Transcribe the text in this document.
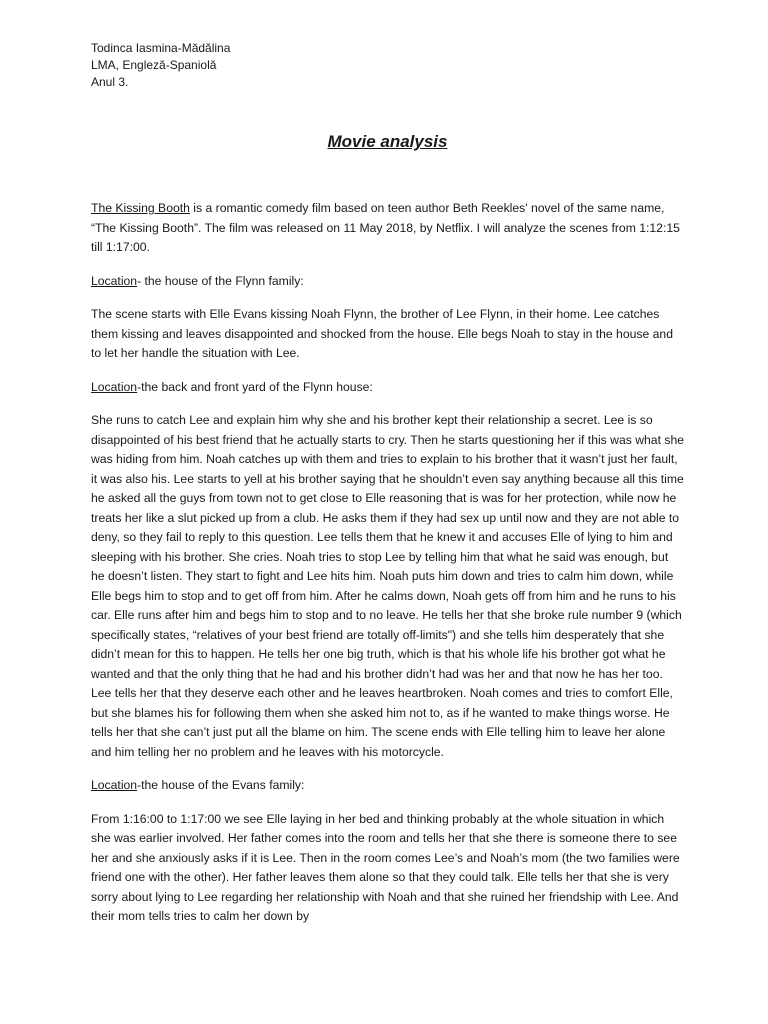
Todinca Iasmina-Mădălina

LMA, Engleză-Spaniolă

Anul 3.

Movie analysis

The Kissing Booth is a romantic comedy film based on teen author Beth Reekles' novel of the same name, “The Kissing Booth”. The film was released on 11 May 2018, by Netflix. I will analyze the scenes from 1:12:15 till 1:17:00.

Location- the house of the Flynn family:

The scene starts with Elle Evans kissing Noah Flynn, the brother of Lee Flynn, in their home. Lee catches them kissing and leaves disappointed and shocked from the house. Elle begs Noah to stay in the house and to let her handle the situation with Lee.

Location-the back and front yard of the Flynn house:

She runs to catch Lee and explain him why she and his brother kept their relationship a secret. Lee is so disappointed of his best friend that he actually starts to cry. Then he starts questioning her if this was what she was hiding from him. Noah catches up with them and tries to explain to his brother that it wasn’t just her fault, it was also his. Lee starts to yell at his brother saying that he shouldn’t even say anything because all this time he asked all the guys from town not to get close to Elle reasoning that is was for her protection, while now he treats her like a slut picked up from a club. He asks them if they had sex up until now and they are not able to deny, so they fail to reply to this question. Lee tells them that he knew it and accuses Elle of lying to him and sleeping with his brother. She cries. Noah tries to stop Lee by telling him that what he said was enough, but he doesn’t listen. They start to fight and Lee hits him. Noah puts him down and tries to calm him down, while Elle begs him to stop and to get off from him. After he calms down, Noah gets off from him and he runs to his car. Elle runs after him and begs him to stop and to no leave. He tells her that she broke rule number 9 (which specifically states, “relatives of your best friend are totally off-limits") and she tells him desperately that she didn’t mean for this to happen. He tells her one big truth, which is that his whole life his brother got what he wanted and that the only thing that he had and his brother didn’t had was her and that now he has her too. Lee tells her that they deserve each other and he leaves heartbroken. Noah comes and tries to comfort Elle, but she blames his for following them when she asked him not to, as if he wanted to make things worse. He tells her that she can’t just put all the blame on him. The scene ends with Elle telling him to leave her alone and him telling her no problem and he leaves with his motorcycle.

Location-the house of the Evans family:

From 1:16:00 to 1:17:00 we see Elle laying in her bed and thinking probably at the whole situation in which she was earlier involved. Her father comes into the room and tells her that she there is someone there to see her and she anxiously asks if it is Lee. Then in the room comes Lee’s and Noah’s mom (the two families were friend one with the other). Her father leaves them alone so that they could talk. Elle tells her that she is very sorry about lying to Lee regarding her relationship with Noah and that she ruined her friendship with Lee. And their mom tells tries to calm her down by
